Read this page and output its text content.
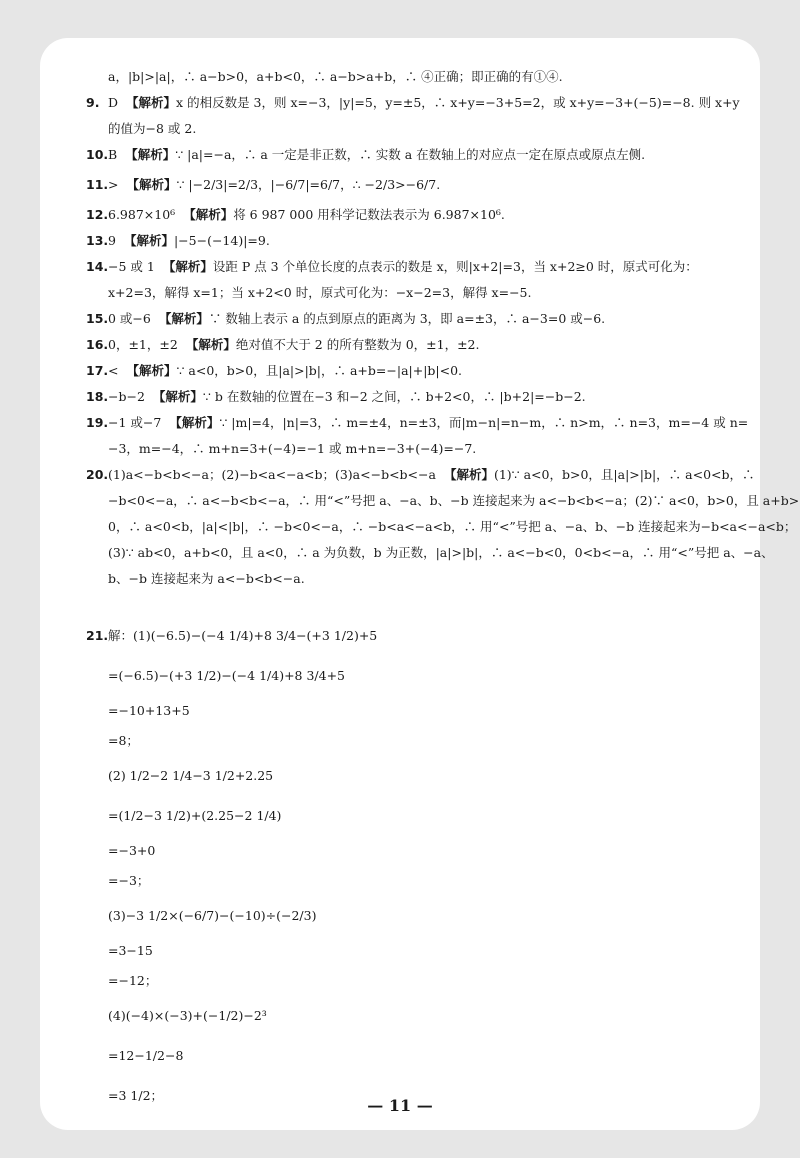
a，|b|>|a|，∴ a−b>0，a+b<0，∴ a−b>a+b，∴ ④正确；即正确的有①④.
9. D 【解析】x 的相反数是 3，则 x=−3，|y|=5，y=±5，∴ x+y=−3+5=2，或 x+y=−3+(−5)=−8. 则 x+y
的值为−8 或 2.
10.B 【解析】∵ |a|=−a，∴ a 一定是非正数，∴ 实数 a 在数轴上的对应点一定在原点或原点左侧.
11.> 【解析】∵ |−2/3|=2/3，|−6/7|=6/7，∴ −2/3>−6/7.
12.6.987×10⁶ 【解析】将 6 987 000 用科学记数法表示为 6.987×10⁶.
13.9 【解析】|−5−(−14)|=9.
14.−5 或 1 【解析】设距 P 点 3 个单位长度的点表示的数是 x，则|x+2|=3，当 x+2≥0 时，原式可化为：
x+2=3，解得 x=1；当 x+2<0 时，原式可化为：−x−2=3，解得 x=−5.
15.0 或−6 【解析】∵ 数轴上表示 a 的点到原点的距离为 3，即 a=±3，∴ a−3=0 或−6.
16.0，±1，±2 【解析】绝对值不大于 2 的所有整数为 0，±1，±2.
17.< 【解析】∵ a<0，b>0，且|a|>|b|，∴ a+b=−|a|+|b|<0.
18.−b−2 【解析】∵ b 在数轴的位置在−3 和−2 之间，∴ b+2<0，∴ |b+2|=−b−2.
19.−1 或−7 【解析】∵ |m|=4，|n|=3，∴ m=±4，n=±3，而|m−n|=n−m，∴ n>m，∴ n=3，m=−4 或 n=
−3，m=−4，∴ m+n=3+(−4)=−1 或 m+n=−3+(−4)=−7.
20.(1)a<−b<b<−a；(2)−b<a<−a<b；(3)a<−b<b<−a 【解析】(1)∵ a<0，b>0，且|a|>|b|，∴ a<0<b，∴
−b<0<−a，∴ a<−b<b<−a，∴ 用“<”号把 a、−a、b、−b 连接起来为 a<−b<b<−a；(2)∵ a<0，b>0，且 a+b>
0，∴ a<0<b，|a|<|b|，∴ −b<0<−a，∴ −b<a<−a<b，∴ 用“<”号把 a、−a、b、−b 连接起来为−b<a<−a<b；
(3)∵ ab<0，a+b<0，且 a<0，∴ a 为负数，b 为正数，|a|>|b|，∴ a<−b<0，0<b<−a，∴ 用“<”号把 a、−a、
b、−b 连接起来为 a<−b<b<−a.
21.解：(1)(−6.5)−(−4 1/4)+8 3/4−(+3 1/2)+5
=(−6.5)−(+3 1/2)−(−4 1/4)+8 3/4+5
=−10+13+5
=8；
(2) 1/2−2 1/4−3 1/2+2.25
=(1/2−3 1/2)+(2.25−2 1/4)
=−3+0
=−3；
(3)−3 1/2×(−6/7)−(−10)÷(−2/3)
=3−15
=−12；
(4)(−4)×(−3)+(−1/2)−2³
=12−1/2−8
=3 1/2；
— 11 —
